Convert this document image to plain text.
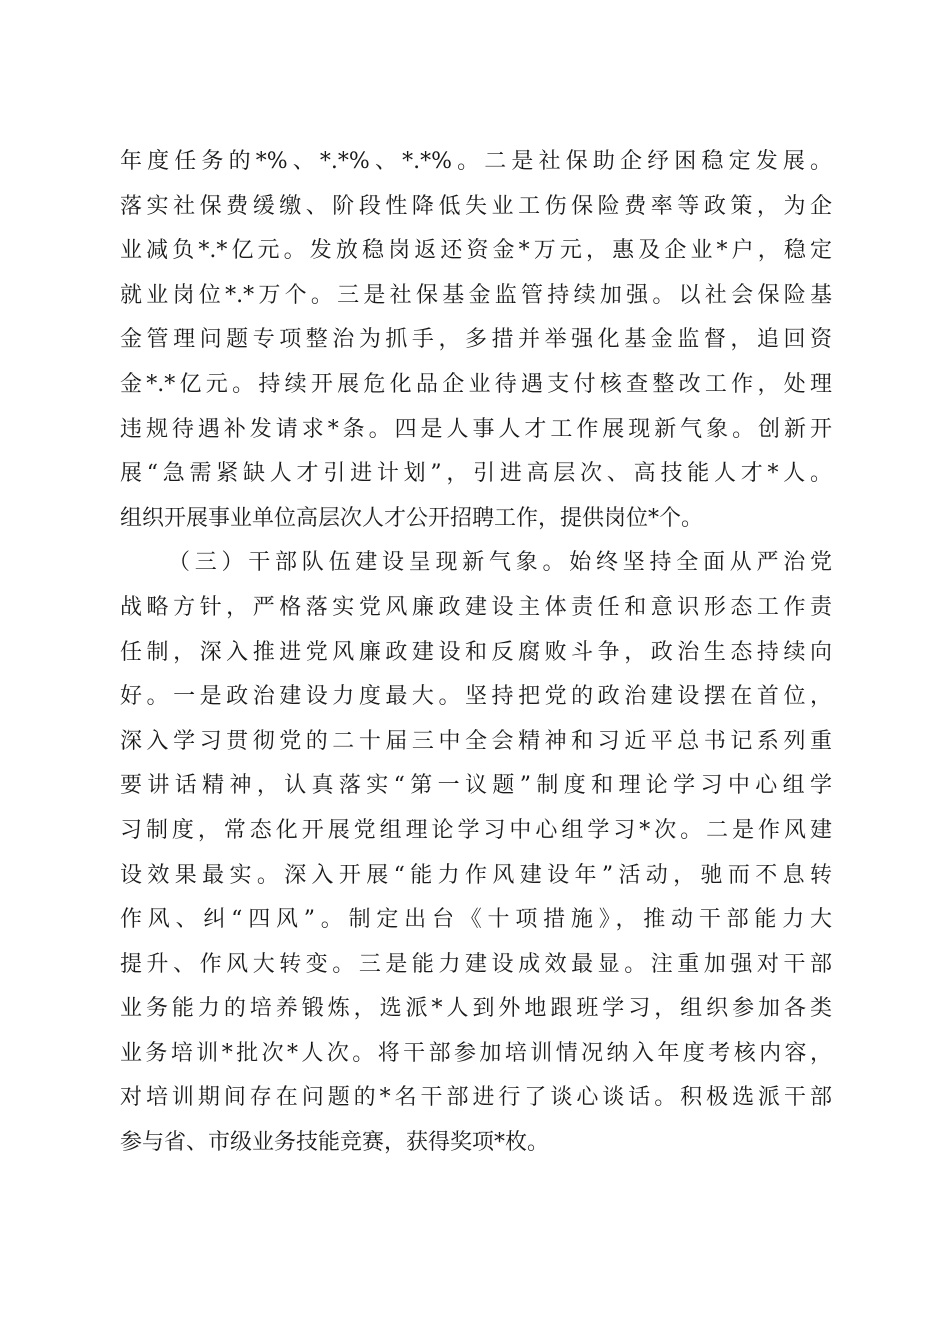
年度任务的*%、*.*%、*.*%。二是社保助企纾困稳定发展。
落实社保费缓缴、阶段性降低失业工伤保险费率等政策，为企
业减负*.*亿元。发放稳岗返还资金*万元，惠及企业*户，稳定
就业岗位*.*万个。三是社保基金监管持续加强。以社会保险基
金管理问题专项整治为抓手，多措并举强化基金监督，追回资
金*.*亿元。持续开展危化品企业待遇支付核查整改工作，处理
违规待遇补发请求*条。四是人事人才工作展现新气象。创新开
展“急需紧缺人才引进计划”，引进高层次、高技能人才*人。
组织开展事业单位高层次人才公开招聘工作，提供岗位*个。
（三）干部队伍建设呈现新气象。始终坚持全面从严治党
战略方针，严格落实党风廉政建设主体责任和意识形态工作责
任制，深入推进党风廉政建设和反腐败斗争，政治生态持续向
好。一是政治建设力度最大。坚持把党的政治建设摆在首位，
深入学习贯彻党的二十届三中全会精神和习近平总书记系列重
要讲话精神，认真落实“第一议题”制度和理论学习中心组学
习制度，常态化开展党组理论学习中心组学习*次。二是作风建
设效果最实。深入开展“能力作风建设年”活动，驰而不息转
作风、纠“四风”。制定出台《十项措施》，推动干部能力大
提升、作风大转变。三是能力建设成效最显。注重加强对干部
业务能力的培养锻炼，选派*人到外地跟班学习，组织参加各类
业务培训*批次*人次。将干部参加培训情况纳入年度考核内容，
对培训期间存在问题的*名干部进行了谈心谈话。积极选派干部
参与省、市级业务技能竞赛，获得奖项*枚。
